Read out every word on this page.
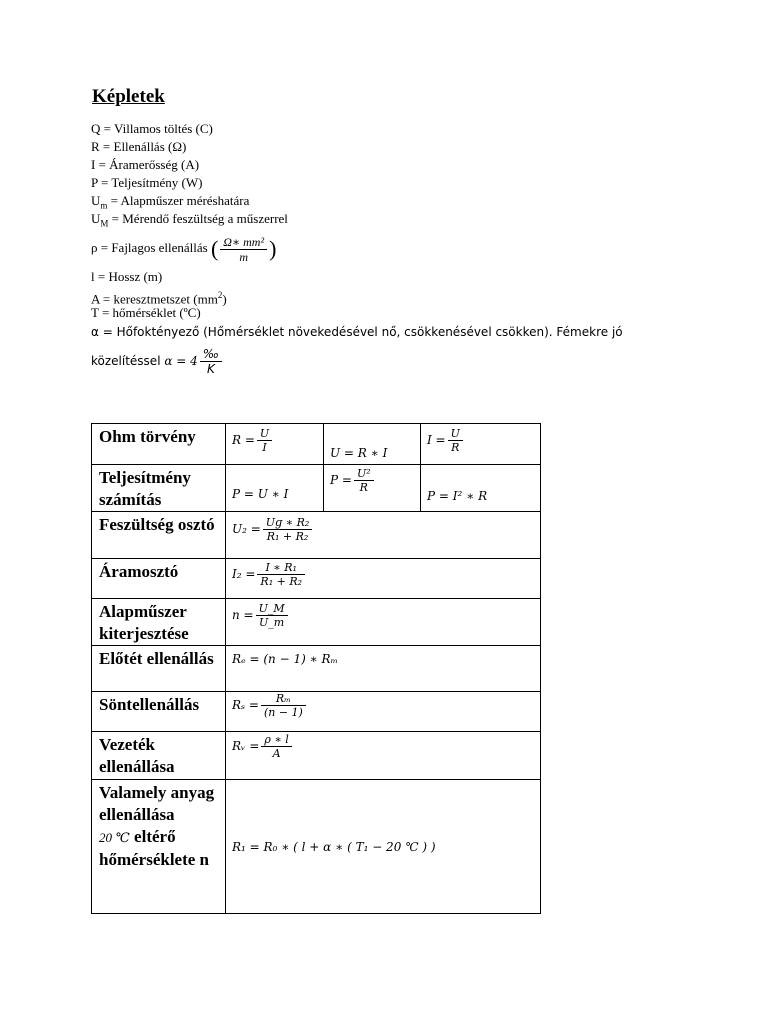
Képletek
Q = Villamos töltés (C)
R = Ellenállás (Ω)
I = Áramerősség (A)
P = Teljesítmény (W)
$U_m$ = Alapműszer méréshatára
$U_M$ = Mérendő feszültség a műszerrel
ρ = Fajlagos ellenállás ( $\frac{\text{Ω∗ mm²}}{m}$ )
l = Hossz (m)
A = keresztmetszet $(mm^2)$
T = hőmérséklet (ºC)
α = Hőfoktényező (Hőmérséklet növekedésével nő, csökkenésével csökken). Fémekre jó
közelítéssel $\alpha = 4 \frac{‰}{K}$
Ohm törvény	$R = \frac{U}{I}$	U = R ∗ I	$I = \frac{U}{R}$

Teljesítmény számítás	P = U ∗ I	$P = \frac{\text{U²}}{R}$	P = I² ∗ R

Feszültség osztó	$U_2 = \frac{\text{Uɡ ∗ R₂}}{\text{R₁ + R₂}}$

Áramosztó	$I_2 = \frac{\text{I ∗ R₁}}{\text{R₁ + R₂}}$

Alapműszer kiterjesztése	$n = \frac{U\_M}{U\_m}$

Előtét ellenállás	Rₑ = (n − 1) ∗ Rₘ		

Söntellenállás	$R_s = \frac{\text{Rₘ}}{(n - 1)}$

Vezeték ellenállása	Rᵥ = $\frac{\rho ∗ l}{A}$

Valamely anyag ellenállása
20 ℃ eltérő hőmérséklete n	R₁ = R₀ ∗ ( l + α ∗ ( T₁ − 20 ℃ ) )		
